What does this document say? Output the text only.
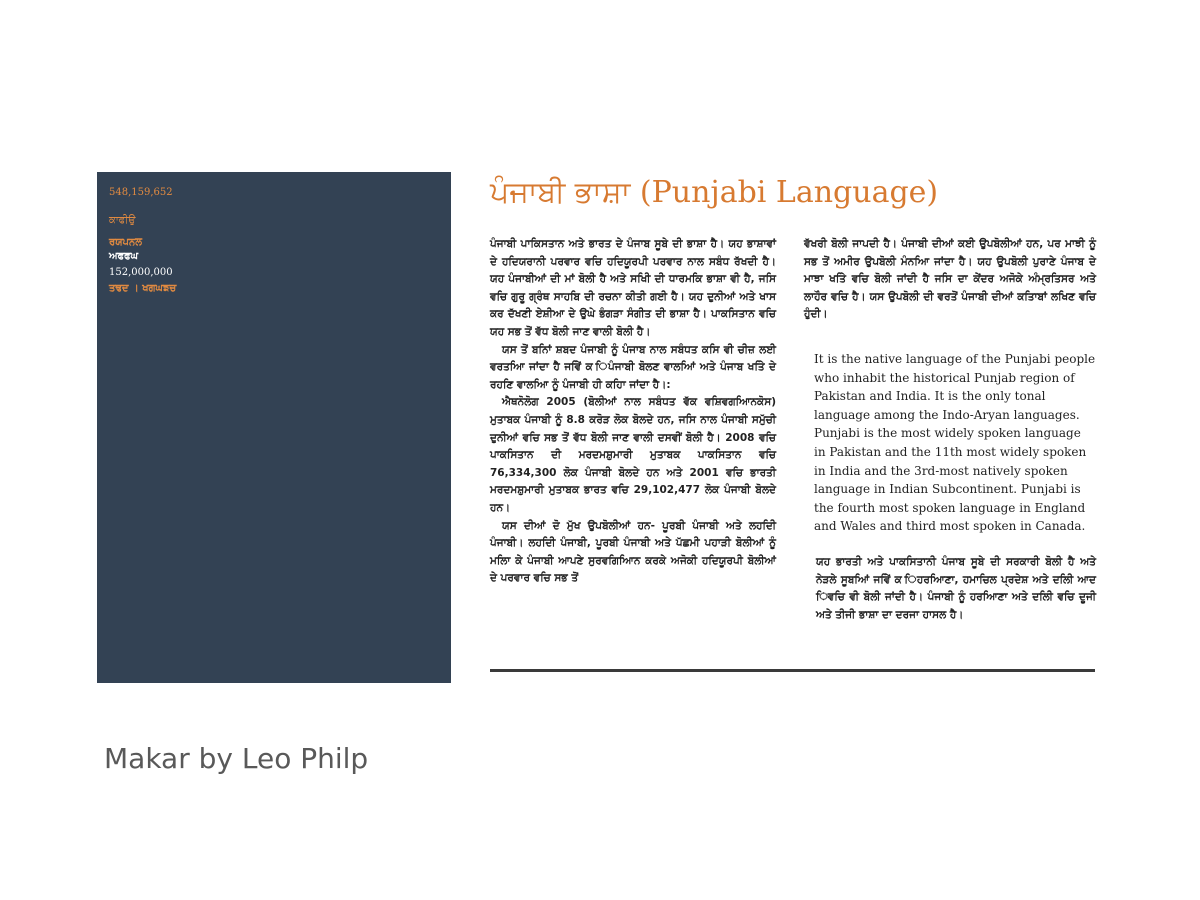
548,159,652
ਕਾਫੀਉ
ਰਯਪਨਲ
ਅਫਫਘ
152,000,000
ਤਢਦ । ਖਗਘਙਚ
ਪੰਜਾਬੀ ਭਾਸ਼ਾ (Punjabi Language)

ਪੰਜਾਬੀ ਪਾਕਿਸਤਾਨ ਅਤੇ ਭਾਰਤ ਦੇ ਪੰਜਾਬ ਸੂਬੇ ਦੀ ਭਾਸ਼ਾ ਹੈ। ਯਹ ਭਾਸ਼ਾਵਾਂ ਦੇ ਹਦਿਯਰਾਨੀ ਪਰਵਾਰ ਵਚਿ ਹਦਿਯੂਰਪੀ ਪਰਵਾਰ ਨਾਲ ਸਬੰਧ ਰੱਖਦੀ ਹੈ। ਯਹ ਪੰਜਾਬੀਆਂ ਦੀ ਮਾਂ ਬੋਲੀ ਹੈ ਅਤੇ ਸਖਿੀ ਦੀ ਧਾਰਮਕਿ ਭਾਸ਼ਾ ਵੀ ਹੈ, ਜਸਿ ਵਚਿ ਗੁਰੂ ਗ੍ਰੰਥ ਸਾਹਬਿ ਦੀ ਰਚਨਾ ਕੀਤੀ ਗਈ ਹੈ। ਯਹ ਦੁਨੀਆਂ ਅਤੇ ਖਾਸ ਕਰ ਦੱਖਣੀ ਏਸ਼ੀਆ ਦੇ ਉਘੇ ਭੰਗੜਾ ਸੰਗੀਤ ਦੀ ਭਾਸ਼ਾ ਹੈ। ਪਾਕਸਿਤਾਨ ਵਚਿ ਯਹ ਸਭ ਤੋਂ ਵੱਧ ਬੋਲੀ ਜਾਣ ਵਾਲੀ ਬੋਲੀ ਹੈ।

ਯਸ ਤੋਂ ਬਨਿਾਂ ਸ਼ਬਦ ਪੰਜਾਬੀ ਨੂੰ ਪੰਜਾਬ ਨਾਲ ਸਬੰਧਤ ਕਸਿ ਵੀ ਚੀਜ਼ ਲਈ ਵਰਤਆਿ ਜਾਂਦਾ ਹੈ ਜਵਿੇਂ ਕ ਿਪੰਜਾਬੀ ਬੋਲਣ ਵਾਲਆਿਂ ਅਤੇ ਪੰਜਾਬ ਖਤਿੇ ਦੇ ਰਹਣਿ ਵਾਲਆਿ ਨੂੰ ਪੰਜਾਬੀ ਹੀ ਕਹਿਾ ਜਾਂਦਾ ਹੈ।:

ਐਥਨੋਲੋਗ 2005 (ਬੋਲੀਆਂ ਨਾਲ ਸਬੰਧਤ ਵੱਕ ਵਸ਼ਿਵਗਆਿਨਕੋਸ) ਮੁਤਾਬਕ ਪੰਜਾਬੀ ਨੂੰ 8.8 ਕਰੋੜ ਲੋਕ ਬੋਲਦੇ ਹਨ, ਜਸਿ ਨਾਲ ਪੰਜਾਬੀ ਸਮੁੱਚੀ ਦੁਨੀਆਂ ਵਚਿ ਸਭ ਤੋਂ ਵੱਧ ਬੋਲੀ ਜਾਣ ਵਾਲੀ ਦਸਵੀਂ ਬੋਲੀ ਹੈ। 2008 ਵਚਿ ਪਾਕਸਿਤਾਨ ਦੀ ਮਰਦਮਸ਼ੁਮਾਰੀ ਮੁਤਾਬਕ ਪਾਕਸਿਤਾਨ ਵਚਿ 76,334,300 ਲੋਕ ਪੰਜਾਬੀ ਬੋਲਦੇ ਹਨ ਅਤੇ 2001 ਵਚਿ ਭਾਰਤੀ ਮਰਦਮਸ਼ੁਮਾਰੀ ਮੁਤਾਬਕ ਭਾਰਤ ਵਚਿ 29,102,477 ਲੋਕ ਪੰਜਾਬੀ ਬੋਲਦੇ ਹਨ।

ਯਸ ਦੀਆਂ ਦੋ ਮੁੱਖ ਉਪਬੋਲੀਆਂ ਹਨ- ਪੂਰਬੀ ਪੰਜਾਬੀ ਅਤੇ ਲਹਦਿੀ ਪੰਜਾਬੀ। ਲਹਦਿੀ ਪੰਜਾਬੀ, ਪੂਰਬੀ ਪੰਜਾਬੀ ਅਤੇ ਪੱਛਮੀ ਪਹਾੜੀ ਬੋਲੀਆਂ ਨੂੰ ਮਲਿਾ ਕੇ ਪੰਜਾਬੀ ਆਪਣੇ ਸੁਰਵਗਿਆਿਨ ਕਰਕੇ ਅਜੋਕੀ ਹਦਿਯੂਰਪੀ ਬੋਲੀਆਂ ਦੇ ਪਰਵਾਰ ਵਚਿ ਸਭ ਤੋਂ

ਵੱਖਰੀ ਬੋਲੀ ਜਾਪਦੀ ਹੈ। ਪੰਜਾਬੀ ਦੀਆਂ ਕਈ ਉਪਬੋਲੀਆਂ ਹਨ, ਪਰ ਮਾਝੀ ਨੂੰ ਸਭ ਤੋਂ ਅਮੀਰ ਉਪਬੋਲੀ ਮੰਨਆਿ ਜਾਂਦਾ ਹੈ। ਯਹ ਉਪਬੋਲੀ ਪੁਰਾਣੇ ਪੰਜਾਬ ਦੇ ਮਾਝਾ ਖਤਿੇ ਵਚਿ ਬੋਲੀ ਜਾਂਦੀ ਹੈ ਜਸਿ ਦਾ ਕੇਂਦਰ ਅਜੋਕੇ ਅੰਮ੍ਰਤਿਸਰ ਅਤੇ ਲਾਹੌਰ ਵਚਿ ਹੈ। ਯਸ ਉਪਬੋਲੀ ਦੀ ਵਰਤੋਂ ਪੰਜਾਬੀ ਦੀਆਂ ਕਤਿਾਬਾਂ ਲਖਿਣ ਵਚਿ ਹੁੰਦੀ।

It is the native language of the Punjabi people who inhabit the historical Punjab region of Pakistan and India. It is the only tonal language among the Indo-Aryan languages. Punjabi is the most widely spoken language in Pakistan and the 11th most widely spoken in India and the 3rd-most natively spoken language in Indian Subcontinent. Punjabi is the fourth most spoken language in England and Wales and third most spoken in Canada.

ਯਹ ਭਾਰਤੀ ਅਤੇ ਪਾਕਸਿਤਾਨੀ ਪੰਜਾਬ ਸੂਬੇ ਦੀ ਸਰਕਾਰੀ ਬੋਲੀ ਹੈ ਅਤੇ ਨੇੜਲੇ ਸੂਬਆਿਂ ਜਵਿੇਂ ਕ ਿਹਰਆਿਣਾ, ਹਮਾਚਿਲ ਪ੍ਰਦੇਸ਼ ਅਤੇ ਦਲਿੀ ਆਦ ਿਵਚਿ ਵੀ ਬੋਲੀ ਜਾਂਦੀ ਹੈ। ਪੰਜਾਬੀ ਨੂੰ ਹਰਆਿਣਾ ਅਤੇ ਦਲਿੀ ਵਚਿ ਦੂਜੀ ਅਤੇ ਤੀਜੀ ਭਾਸ਼ਾ ਦਾ ਦਰਜਾ ਹਾਸਲ ਹੈ।

Makar by Leo Philp
